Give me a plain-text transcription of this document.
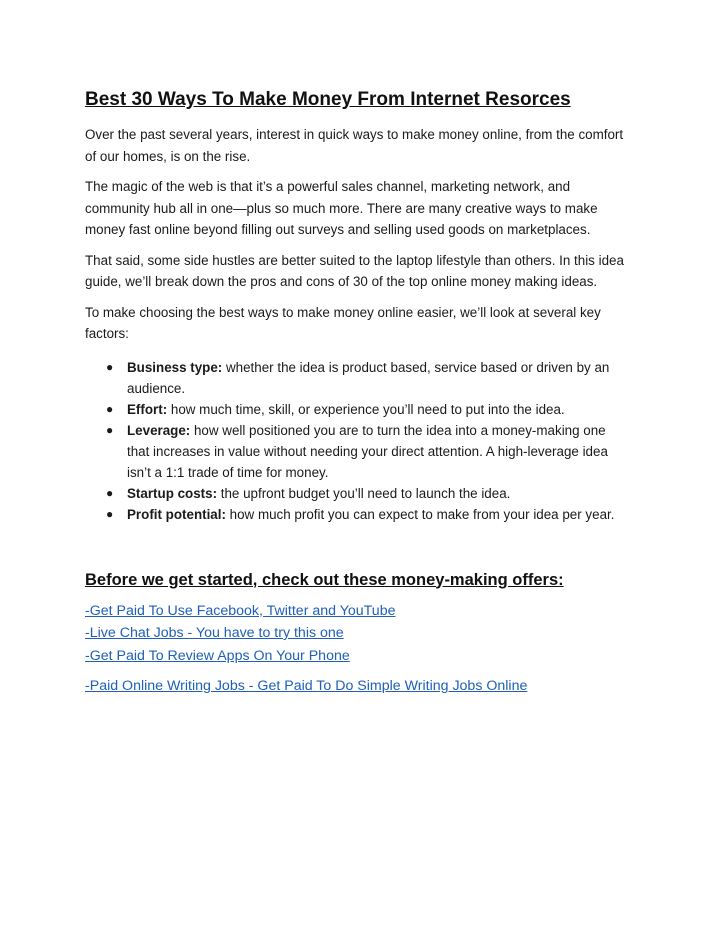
Best 30 Ways To Make Money From Internet Resorces

Over the past several years, interest in quick ways to make money online, from the comfort of our homes, is on the rise.

The magic of the web is that it’s a powerful sales channel, marketing network, and community hub all in one—plus so much more. There are many creative ways to make money fast online beyond filling out surveys and selling used goods on marketplaces.

That said, some side hustles are better suited to the laptop lifestyle than others. In this idea guide, we’ll break down the pros and cons of 30 of the top online money making ideas.

To make choosing the best ways to make money online easier, we’ll look at several key factors:

● Business type: whether the idea is product based, service based or driven by an audience.
● Effort: how much time, skill, or experience you’ll need to put into the idea.
● Leverage: how well positioned you are to turn the idea into a money-making one that increases in value without needing your direct attention. A high-leverage idea isn’t a 1:1 trade of time for money.
● Startup costs: the upfront budget you’ll need to launch the idea.
● Profit potential: how much profit you can expect to make from your idea per year.
Before we get started, check out these money-making offers:
-Get Paid To Use Facebook, Twitter and YouTube
-Live Chat Jobs - You have to try this one
-Get Paid To Review Apps On Your Phone
-Paid Online Writing Jobs - Get Paid To Do Simple Writing Jobs Online
